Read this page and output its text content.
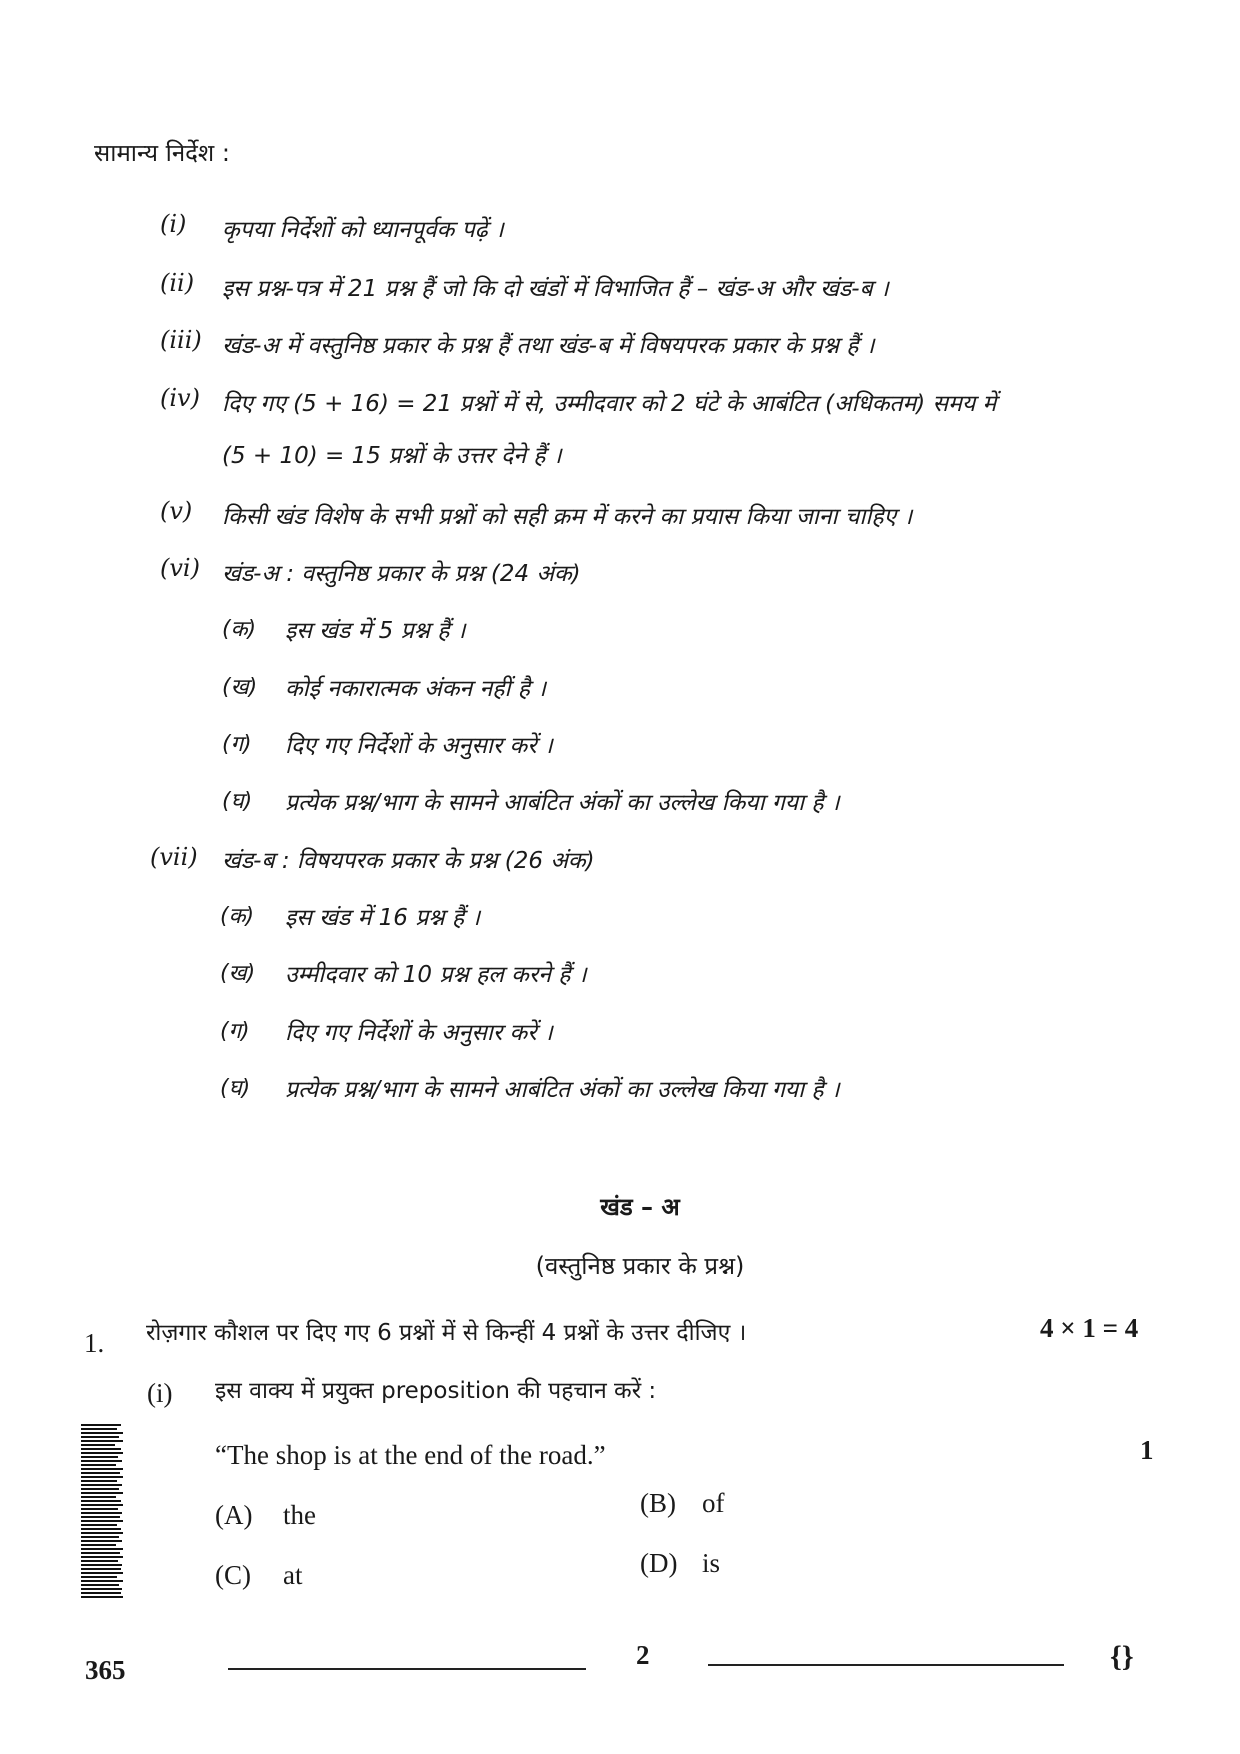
सामान्य निर्देश :
(i) कृपया निर्देशों को ध्यानपूर्वक पढ़ें ।
(ii) इस प्रश्न-पत्र में 21 प्रश्न हैं जो कि दो खंडों में विभाजित हैं – खंड-अ और खंड-ब ।
(iii) खंड-अ में वस्तुनिष्ठ प्रकार के प्रश्न हैं तथा खंड-ब में विषयपरक प्रकार के प्रश्न हैं ।
(iv) दिए गए (5 + 16) = 21 प्रश्नों में से, उम्मीदवार को 2 घंटे के आबंटित (अधिकतम) समय में
(5 + 10) = 15 प्रश्नों के उत्तर देने हैं ।
(v) किसी खंड विशेष के सभी प्रश्नों को सही क्रम में करने का प्रयास किया जाना चाहिए ।
(vi) खंड-अ : वस्तुनिष्ठ प्रकार के प्रश्न (24 अंक)
(क) इस खंड में 5 प्रश्न हैं ।
(ख) कोई नकारात्मक अंकन नहीं है ।
(ग) दिए गए निर्देशों के अनुसार करें ।
(घ) प्रत्येक प्रश्न/भाग के सामने आबंटित अंकों का उल्लेख किया गया है ।
(vii) खंड-ब : विषयपरक प्रकार के प्रश्न (26 अंक)
(क) इस खंड में 16 प्रश्न हैं ।
(ख) उम्मीदवार को 10 प्रश्न हल करने हैं ।
(ग) दिए गए निर्देशों के अनुसार करें ।
(घ) प्रत्येक प्रश्न/भाग के सामने आबंटित अंकों का उल्लेख किया गया है ।
खंड – अ
(वस्तुनिष्ठ प्रकार के प्रश्न)
1. रोज़गार कौशल पर दिए गए 6 प्रश्नों में से किन्हीं 4 प्रश्नों के उत्तर दीजिए ।	4 × 1 = 4
(i) इस वाक्य में प्रयुक्त preposition की पहचान करें :
“The shop is at the end of the road.”	1
(A) the	(B) of
(C) at	(D) is
365	2	{}
